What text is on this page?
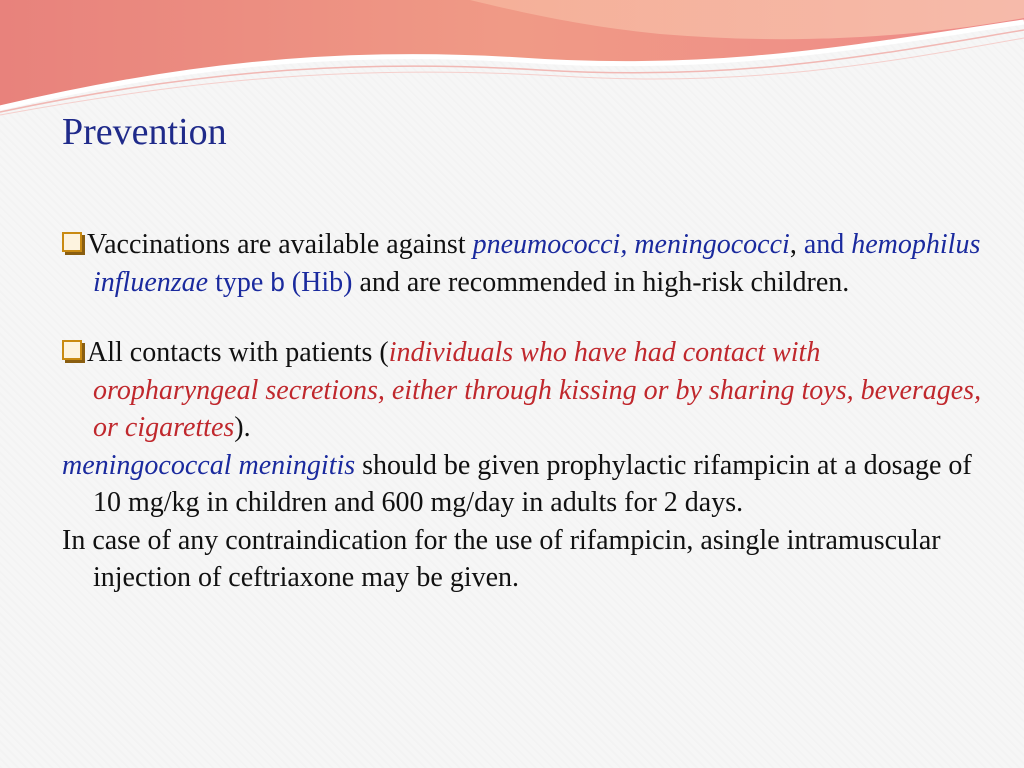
Prevention

Vaccinations are available against pneumococci, meningococci, and hemophilus influenzae type b (Hib) and are recommended in high-risk children.

All contacts with patients (individuals who have had contact with oropharyngeal secretions, either through kissing or by sharing toys, beverages, or cigarettes).

meningococcal meningitis should be given prophylactic rifampicin at a dosage of 10 mg/kg in children and 600 mg/day in adults for 2 days.

In case of any contraindication for the use of rifampicin, asingle intramuscular injection of ceftriaxone may be given.
